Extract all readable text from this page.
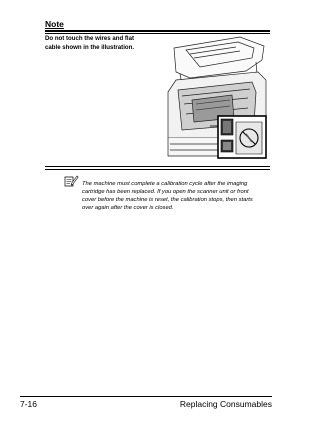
Note
Do not touch the wires and flat
cable shown in the illustration.
The machine must complete a calibration cycle after the imaging
cartridge has been replaced. If you open the scanner unit or front
cover before the machine is reset, the calibration stops, then starts
over again after the cover is closed.
7-16	Replacing Consumables
